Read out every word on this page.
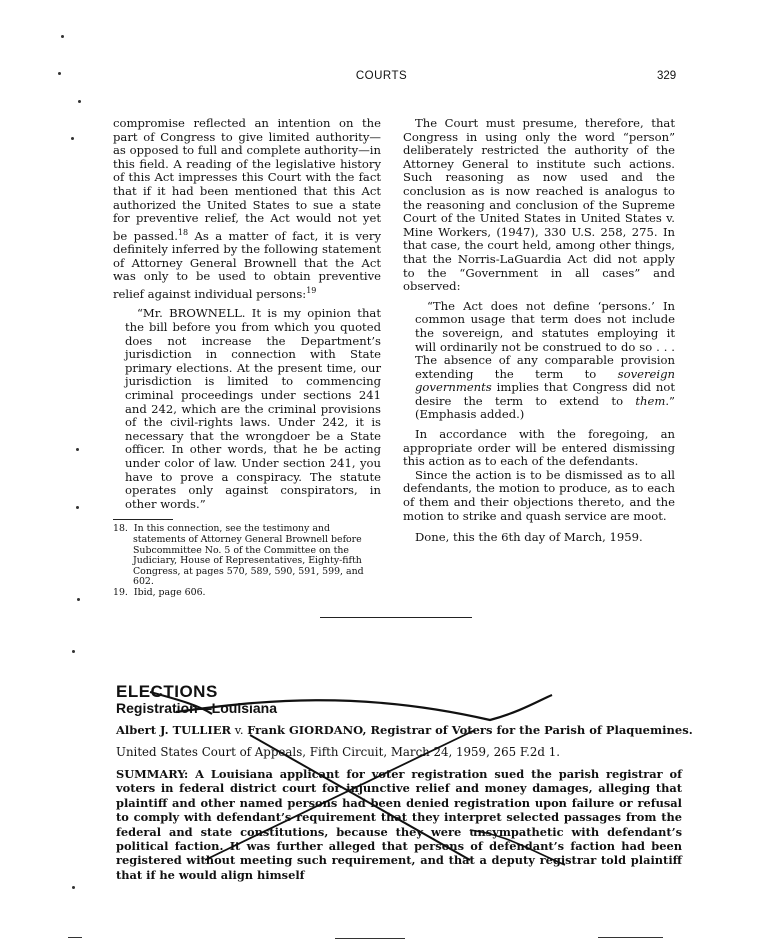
COURTS	329

compromise reflected an intention on the part of Congress to give limited authority—as opposed to full and complete authority—in this field. A reading of the legislative history of this Act impresses this Court with the fact that if it had been mentioned that this Act authorized the United States to sue a state for preventive relief, the Act would not yet be passed.$^{18}$ As a matter of fact, it is very definitely inferred by the following statement of Attorney General Brownell that the Act was only to be used to obtain preventive relief against individual persons:$^{19}$

“Mr. BROWNELL. It is my opinion that the bill before you from which you quoted does not increase the Department’s jurisdiction in connection with State primary elections. At the present time, our jurisdiction is limited to commencing criminal proceedings under sections 241 and 242, which are the criminal provisions of the civil-rights laws. Under 242, it is necessary that the wrongdoer be a State officer. In other words, that he be acting under color of law. Under section 241, you have to prove a conspiracy. The statute operates only against conspirators, in other words.”

18.  In this connection, see the testimony and statements of Attorney General Brownell before Subcommittee No. 5 of the Committee on the Judiciary, House of Representatives, Eighty-fifth Congress, at pages 570, 589, 590, 591, 599, and 602.

19.  Ibid, page 606.

The Court must presume, therefore, that Congress in using only the word “person” deliberately restricted the authority of the Attorney General to institute such actions. Such reasoning as now used and the conclusion as is now reached is analogus to the reasoning and conclusion of the Supreme Court of the United States in United States v. Mine Workers, (1947), 330 U.S. 258, 275. In that case, the court held, among other things, that the Norris-LaGuardia Act did not apply to the “Government in all cases” and observed:

“The Act does not define ‘persons.’ In common usage that term does not include the sovereign, and statutes employing it will ordinarily not be construed to do so . . . The absence of any comparable provision extending the term to sovereign governments implies that Congress did not desire the term to extend to them.” (Emphasis added.)

In accordance with the foregoing, an appropriate order will be entered dismissing this action as to each of the defendants.

Since the action is to be dismissed as to all defendants, the motion to produce, as to each of them and their objections thereto, and the motion to strike and quash service are moot.

Done, this the 6th day of March, 1959.

ELECTIONS
Registration—Louisiana
Albert J. TULLIER v. Frank GIORDANO, Registrar of Voters for the Parish of Plaquemines.
United States Court of Appeals, Fifth Circuit, March 24, 1959, 265 F.2d 1.
SUMMARY: A Louisiana applicant for voter registration sued the parish registrar of voters in federal district court for injunctive relief and money damages, alleging that plaintiff and other named persons had been denied registration upon failure or refusal to comply with defendant’s requirement that they interpret selected passages from the federal and state constitutions, because they were unsympathetic with defendant’s political faction. It was further alleged that persons of defendant’s faction had been registered without meeting such requirement, and that a deputy registrar told plaintiff that if he would align himself
